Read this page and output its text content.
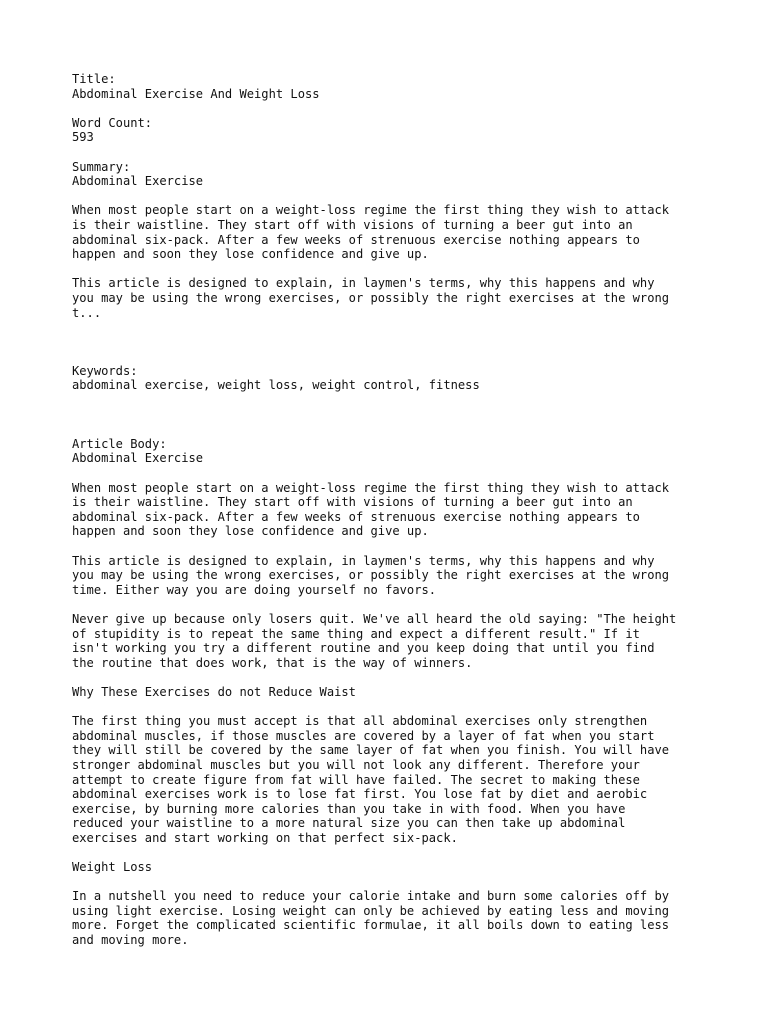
Title:
Abdominal Exercise And Weight Loss
Word Count:
593
Summary:
Abdominal Exercise

When most people start on a weight-loss regime the first thing they wish to attack
is their waistline. They start off with visions of turning a beer gut into an
abdominal six-pack. After a few weeks of strenuous exercise nothing appears to
happen and soon they lose confidence and give up.

This article is designed to explain, in laymen's terms, why this happens and why
you may be using the wrong exercises, or possibly the right exercises at the wrong
t...

Keywords:
abdominal exercise, weight loss, weight control, fitness
Article Body:
Abdominal Exercise

When most people start on a weight-loss regime the first thing they wish to attack
is their waistline. They start off with visions of turning a beer gut into an
abdominal six-pack. After a few weeks of strenuous exercise nothing appears to
happen and soon they lose confidence and give up.

This article is designed to explain, in laymen's terms, why this happens and why
you may be using the wrong exercises, or possibly the right exercises at the wrong
time. Either way you are doing yourself no favors.

Never give up because only losers quit. We've all heard the old saying: "The height
of stupidity is to repeat the same thing and expect a different result." If it
isn't working you try a different routine and you keep doing that until you find
the routine that does work, that is the way of winners.

Why These Exercises do not Reduce Waist

The first thing you must accept is that all abdominal exercises only strengthen
abdominal muscles, if those muscles are covered by a layer of fat when you start
they will still be covered by the same layer of fat when you finish. You will have
stronger abdominal muscles but you will not look any different. Therefore your
attempt to create figure from fat will have failed. The secret to making these
abdominal exercises work is to lose fat first. You lose fat by diet and aerobic
exercise, by burning more calories than you take in with food. When you have
reduced your waistline to a more natural size you can then take up abdominal
exercises and start working on that perfect six-pack.

Weight Loss

In a nutshell you need to reduce your calorie intake and burn some calories off by
using light exercise. Losing weight can only be achieved by eating less and moving
more. Forget the complicated scientific formulae, it all boils down to eating less
and moving more.
